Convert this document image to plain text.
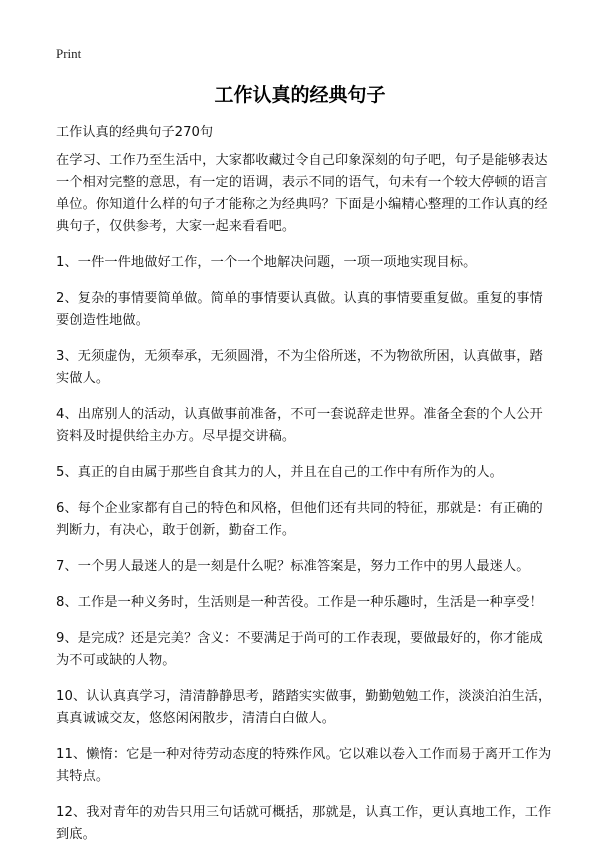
Print
工作认真的经典句子
工作认真的经典句子270句

在学习、工作乃至生活中，大家都收藏过令自己印象深刻的句子吧，句子是能够表达一个相对完整的意思，有一定的语调，表示不同的语气，句未有一个较大停顿的语言单位。你知道什么样的句子才能称之为经典吗？下面是小编精心整理的工作认真的经典句子，仅供参考，大家一起来看看吧。

1、一件一件地做好工作，一个一个地解决问题，一项一项地实现目标。

2、复杂的事情要简单做。简单的事情要认真做。认真的事情要重复做。重复的事情要创造性地做。

3、无须虚伪，无须奉承，无须圆滑，不为尘俗所迷，不为物欲所困，认真做事，踏实做人。

4、出席别人的活动，认真做事前准备，不可一套说辞走世界。准备全套的个人公开资料及时提供给主办方。尽早提交讲稿。

5、真正的自由属于那些自食其力的人，并且在自己的工作中有所作为的人。

6、每个企业家都有自己的特色和风格，但他们还有共同的特征，那就是：有正确的判断力，有决心，敢于创新，勤奋工作。

7、一个男人最迷人的是一刻是什么呢？标准答案是，努力工作中的男人最迷人。

8、工作是一种义务时，生活则是一种苦役。工作是一种乐趣时，生活是一种享受！

9、是完成？还是完美？含义：不要满足于尚可的工作表现，要做最好的，你才能成为不可或缺的人物。

10、认认真真学习，清清静静思考，踏踏实实做事，勤勤勉勉工作，淡淡泊泊生活，真真诚诚交友，悠悠闲闲散步，清清白白做人。

11、懒惰：它是一种对待劳动态度的特殊作风。它以难以卷入工作而易于离开工作为其特点。

12、我对青年的劝告只用三句话就可概括，那就是，认真工作，更认真地工作，工作到底。
